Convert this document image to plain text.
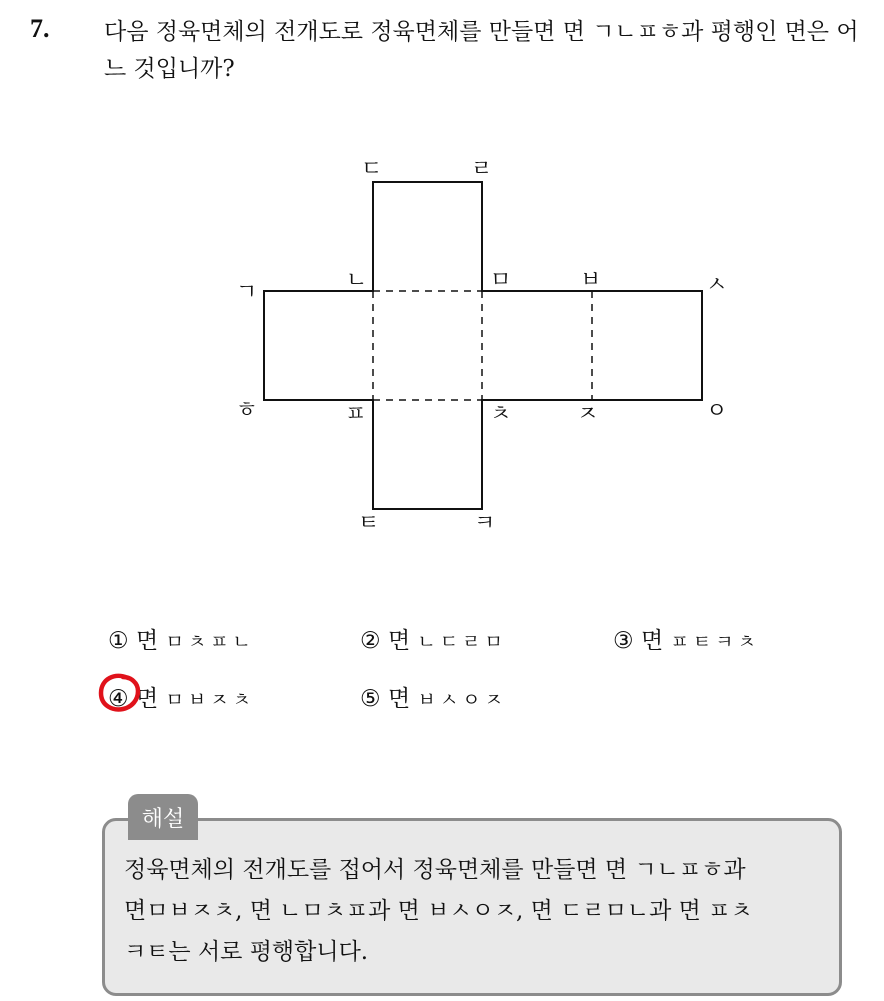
7. 다음 정육면체의 전개도로 정육면체를 만들면 면 ㄱㄴㅍㅎ과 평행인 면은 어느 것입니까?
ㄷ	ㄹ
ㄱ	ㄴ	ㅁ	ㅂ	ㅅ
ㅎ	ㅍ	ㅊ	ㅈ	ㅇ
ㅌ	ㅋ
① 면 ㅁㅊㅍㄴ	② 면 ㄴㄷㄹㅁ	③ 면 ㅍㅌㅋㅊ
④ 면 ㅁㅂㅈㅊ	⑤ 면 ㅂㅅㅇㅈ
해설
정육면체의 전개도를 접어서 정육면체를 만들면 면 ㄱㄴㅍㅎ과
면ㅁㅂㅈㅊ, 면 ㄴㅁㅊㅍ과 면 ㅂㅅㅇㅈ, 면 ㄷㄹㅁㄴ과 면 ㅍㅊ
ㅋㅌ는 서로 평행합니다.
